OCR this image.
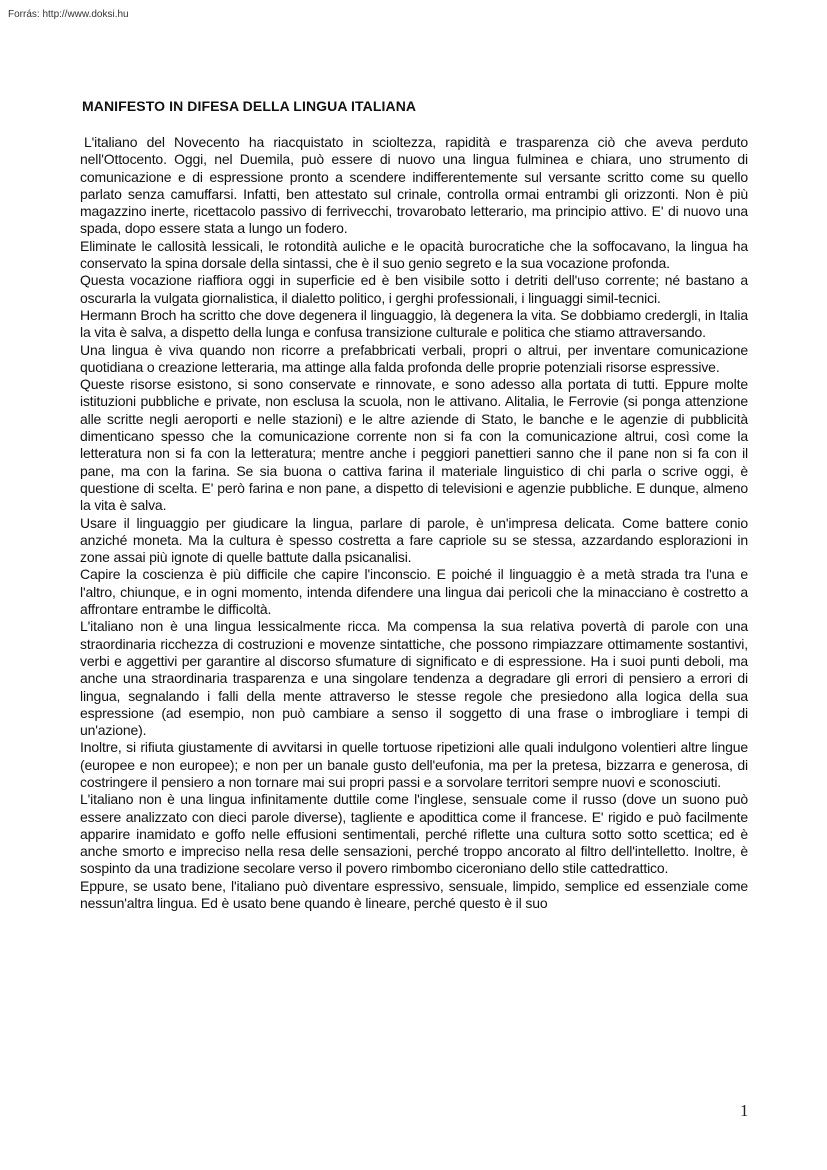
Forrás: http://www.doksi.hu
MANIFESTO IN DIFESA DELLA LINGUA ITALIANA

L'italiano del Novecento ha riacquistato in scioltezza, rapidità e trasparenza ciò che aveva perduto nell'Ottocento. Oggi, nel Duemila, può essere di nuovo una lingua fulminea e chiara, uno strumento di comunicazione e di espressione pronto a scendere indifferentemente sul versante scritto come su quello parlato senza camuffarsi. Infatti, ben attestato sul crinale, controlla ormai entrambi gli orizzonti. Non è più magazzino inerte, ricettacolo passivo di ferrivecchi, trovarobato letterario, ma principio attivo. E' di nuovo una spada, dopo essere stata a lungo un fodero.

Eliminate le callosità lessicali, le rotondità auliche e le opacità burocratiche che la soffocavano, la lingua ha conservato la spina dorsale della sintassi, che è il suo genio segreto e la sua vocazione profonda.

Questa vocazione riaffiora oggi in superficie ed è ben visibile sotto i detriti dell'uso corrente; né bastano a oscurarla la vulgata giornalistica, il dialetto politico, i gerghi professionali, i linguaggi simil-tecnici.

Hermann Broch ha scritto che dove degenera il linguaggio, là degenera la vita. Se dobbiamo credergli, in Italia la vita è salva, a dispetto della lunga e confusa transizione culturale e politica che stiamo attraversando.

Una lingua è viva quando non ricorre a prefabbricati verbali, propri o altrui, per inventare comunicazione quotidiana o creazione letteraria, ma attinge alla falda profonda delle proprie potenziali risorse espressive.

Queste risorse esistono, si sono conservate e rinnovate, e sono adesso alla portata di tutti. Eppure molte istituzioni pubbliche e private, non esclusa la scuola, non le attivano. Alitalia, le Ferrovie (si ponga attenzione alle scritte negli aeroporti e nelle stazioni) e le altre aziende di Stato, le banche e le agenzie di pubblicità dimenticano spesso che la comunicazione corrente non si fa con la comunicazione altrui, così come la letteratura non si fa con la letteratura; mentre anche i peggiori panettieri sanno che il pane non si fa con il pane, ma con la farina. Se sia buona o cattiva farina il materiale linguistico di chi parla o scrive oggi, è questione di scelta. E' però farina e non pane, a dispetto di televisioni e agenzie pubbliche. E dunque, almeno la vita è salva.

Usare il linguaggio per giudicare la lingua, parlare di parole, è un'impresa delicata. Come battere conio anziché moneta. Ma la cultura è spesso costretta a fare capriole su se stessa, azzardando esplorazioni in zone assai più ignote di quelle battute dalla psicanalisi.

Capire la coscienza è più difficile che capire l'inconscio. E poiché il linguaggio è a metà strada tra l'una e l'altro, chiunque, e in ogni momento, intenda difendere una lingua dai pericoli che la minacciano è costretto a affrontare entrambe le difficoltà.

L'italiano non è una lingua lessicalmente ricca. Ma compensa la sua relativa povertà di parole con una straordinaria ricchezza di costruzioni e movenze sintattiche, che possono rimpiazzare ottimamente sostantivi, verbi e aggettivi per garantire al discorso sfumature di significato e di espressione. Ha i suoi punti deboli, ma anche una straordinaria trasparenza e una singolare tendenza a degradare gli errori di pensiero a errori di lingua, segnalando i falli della mente attraverso le stesse regole che presiedono alla logica della sua espressione (ad esempio, non può cambiare a senso il soggetto di una frase o imbrogliare i tempi di un'azione).

Inoltre, si rifiuta giustamente di avvitarsi in quelle tortuose ripetizioni alle quali indulgono volentieri altre lingue (europee e non europee); e non per un banale gusto dell'eufonia, ma per la pretesa, bizzarra e generosa, di costringere il pensiero a non tornare mai sui propri passi e a sorvolare territori sempre nuovi e sconosciuti.

L'italiano non è una lingua infinitamente duttile come l'inglese, sensuale come il russo (dove un suono può essere analizzato con dieci parole diverse), tagliente e apodittica come il francese. E' rigido e può facilmente apparire inamidato e goffo nelle effusioni sentimentali, perché riflette una cultura sotto sotto scettica; ed è anche smorto e impreciso nella resa delle sensazioni, perché troppo ancorato al filtro dell'intelletto. Inoltre, è sospinto da una tradizione secolare verso il povero rimbombo ciceroniano dello stile cattedrattico.

Eppure, se usato bene, l'italiano può diventare espressivo, sensuale, limpido, semplice ed essenziale come nessun'altra lingua. Ed è usato bene quando è lineare, perché questo è il suo

1
